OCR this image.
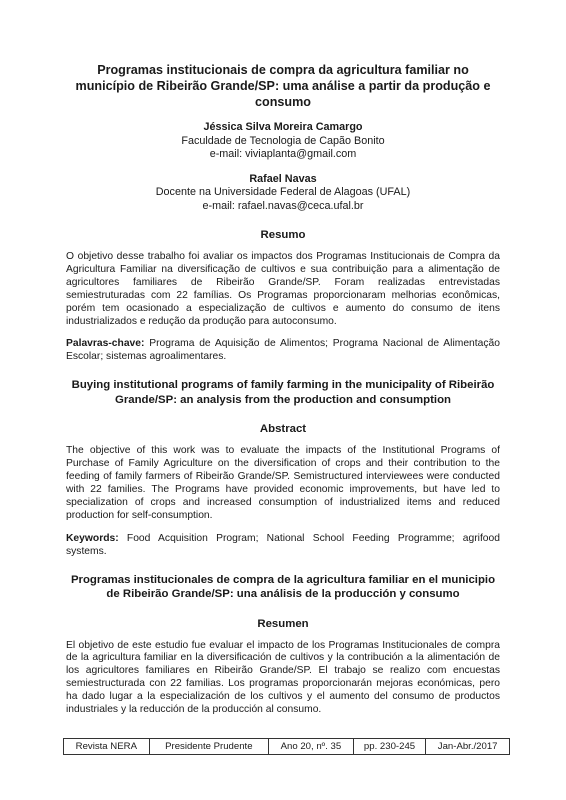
Programas institucionais de compra da agricultura familiar no município de Ribeirão Grande/SP: uma análise a partir da produção e consumo
Jéssica Silva Moreira Camargo
Faculdade de Tecnologia de Capão Bonito
e-mail: viviaplanta@gmail.com
Rafael Navas
Docente na Universidade Federal de Alagoas (UFAL)
e-mail: rafael.navas@ceca.ufal.br
Resumo

O objetivo desse trabalho foi avaliar os impactos dos Programas Institucionais de Compra da Agricultura Familiar na diversificação de cultivos e sua contribuição para a alimentação de agricultores familiares de Ribeirão Grande/SP. Foram realizadas entrevistadas semiestruturadas com 22 famílias. Os Programas proporcionaram melhorias econômicas, porém tem ocasionado a especialização de cultivos e aumento do consumo de itens industrializados e redução da produção para autoconsumo.

Palavras-chave: Programa de Aquisição de Alimentos; Programa Nacional de Alimentação Escolar; sistemas agroalimentares.

Buying institutional programs of family farming in the municipality of Ribeirão Grande/SP: an analysis from the production and consumption
Abstract

The objective of this work was to evaluate the impacts of the Institutional Programs of Purchase of Family Agriculture on the diversification of crops and their contribution to the feeding of family farmers of Ribeirão Grande/SP. Semistructured interviewees were conducted with 22 families. The Programs have provided economic improvements, but have led to specialization of crops and increased consumption of industrialized items and reduced production for self-consumption.

Keywords: Food Acquisition Program; National School Feeding Programme; agrifood systems.

Programas institucionales de compra de la agricultura familiar en el municipio de Ribeirão Grande/SP: una análisis de la producción y consumo
Resumen

El objetivo de este estudio fue evaluar el impacto de los Programas Institucionales de compra de la agricultura familiar en la diversificación de cultivos y la contribución a la alimentación de los agricultores familiares en Ribeirão Grande/SP. El trabajo se realizo com encuestas semiestructurada con 22 familias. Los programas proporcionarán mejoras económicas, pero ha dado lugar a la especialización de los cultivos y el aumento del consumo de productos industriales y la reducción de la producción al consumo.

Revista NERA	Presidente Prudente	Ano 20, nº. 35	pp. 230-245	Jan-Abr./2017
